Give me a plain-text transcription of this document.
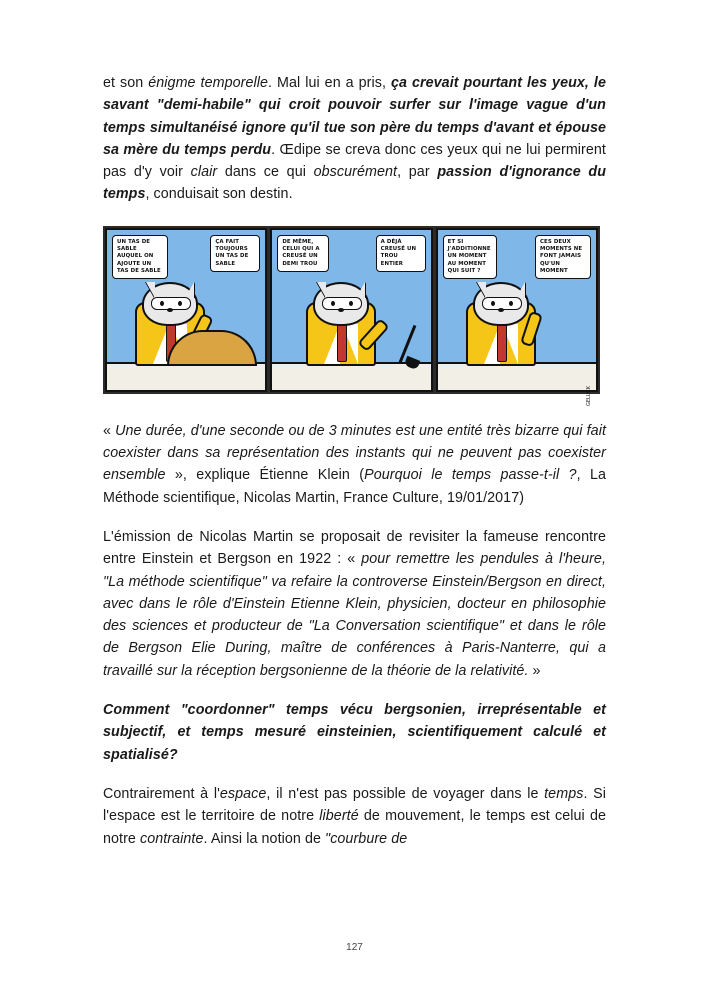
et son énigme temporelle. Mal lui en a pris, ça crevait pourtant les yeux, le savant "demi-habile" qui croit pouvoir surfer sur l'image vague d'un temps simultanéisé ignore qu'il tue son père du temps d'avant et épouse sa mère du temps perdu. Œdipe se creva donc ces yeux qui ne lui permirent pas d'y voir clair dans ce qui obscurément, par passion d'ignorance du temps, conduisait son destin.

UN TAS DE SABLE AUQUEL ON AJOUTE UN TAS DE SABLE
ÇA FAIT TOUJOURS UN TAS DE SABLE
DE MÊME, CELUI QUI A CREUSÉ UN DEMI TROU
A DÉJÀ CREUSÉ UN TROU ENTIER
ET SI J'ADDITIONNE UN MOMENT AU MOMENT QUI SUIT ?
CES DEUX MOMENTS NE FONT JAMAIS QU'UN MOMENT
GELUCK

« Une durée, d'une seconde ou de 3 minutes est une entité très bizarre qui fait coexister dans sa représentation des instants qui ne peuvent pas coexister ensemble », explique Étienne Klein (Pourquoi le temps passe-t-il ?, La Méthode scientifique, Nicolas Martin, France Culture, 19/01/2017)

L'émission de Nicolas Martin se proposait de revisiter la fameuse rencontre entre Einstein et Bergson en 1922 : « pour remettre les pendules à l'heure, "La méthode scientifique" va refaire la controverse Einstein/Bergson en direct, avec dans le rôle d'Einstein Etienne Klein, physicien, docteur en philosophie des sciences et producteur de "La Conversation scientifique" et dans le rôle de Bergson Elie During, maître de conférences à Paris-Nanterre, qui a travaillé sur la réception bergsonienne de la théorie de la relativité. »

Comment "coordonner" temps vécu bergsonien, irreprésentable et subjectif, et temps mesuré einsteinien, scientifiquement calculé et spatialisé?

Contrairement à l'espace, il n'est pas possible de voyager dans le temps. Si l'espace est le territoire de notre liberté de mouvement, le temps est celui de notre contrainte. Ainsi la notion de "courbure de

127
